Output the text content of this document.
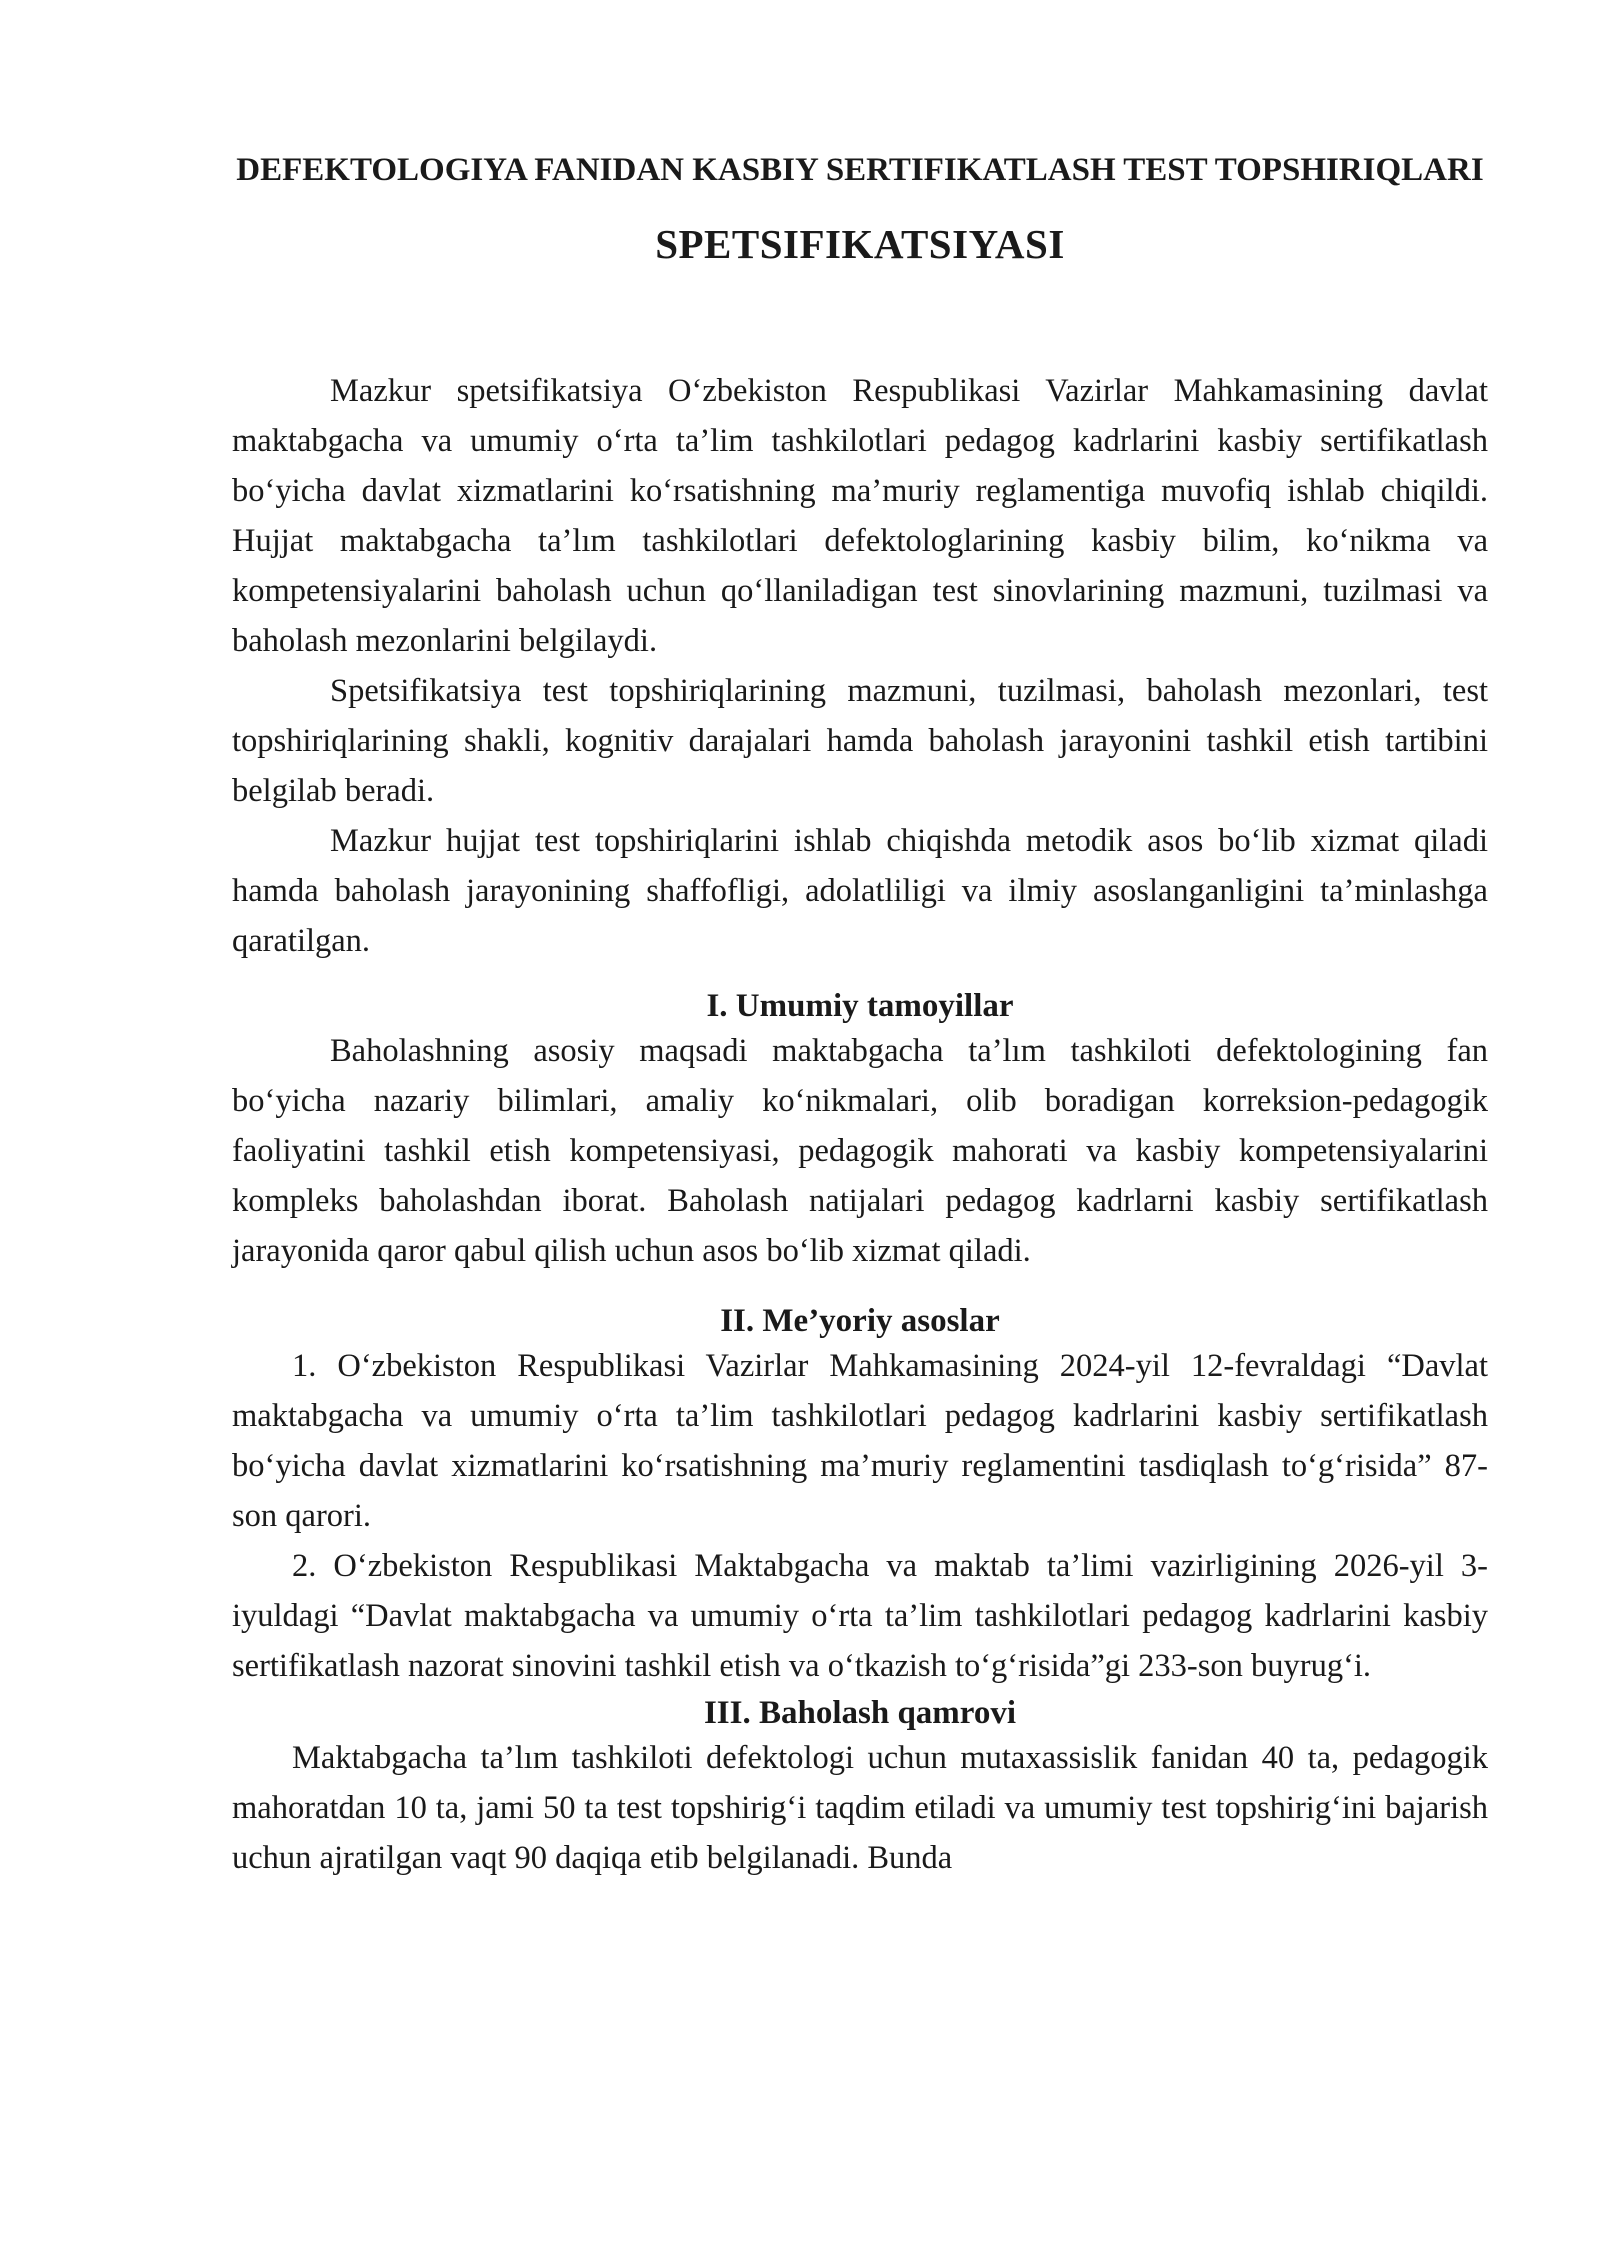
DEFEKTOLOGIYA FANIDAN KASBIY SERTIFIKATLASH TEST TOPSHIRIQLARI
SPETSIFIKATSIYASI

Mazkur spetsifikatsiya O‘zbekiston Respublikasi Vazirlar Mahkamasining davlat maktabgacha va umumiy o‘rta ta’lim tashkilotlari pedagog kadrlarini kasbiy sertifikatlash bo‘yicha davlat xizmatlarini ko‘rsatishning ma’muriy reglamentiga muvofiq ishlab chiqildi. Hujjat maktabgacha ta’lım tashkilotlari defektologlarining kasbiy bilim, ko‘nikma va kompetensiyalarini baholash uchun qo‘llaniladigan test sinovlarining mazmuni, tuzilmasi va baholash mezonlarini belgilaydi.

Spetsifikatsiya test topshiriqlarining mazmuni, tuzilmasi, baholash mezonlari, test topshiriqlarining shakli, kognitiv darajalari hamda baholash jarayonini tashkil etish tartibini belgilab beradi.

Mazkur hujjat test topshiriqlarini ishlab chiqishda metodik asos bo‘lib xizmat qiladi hamda baholash jarayonining shaffofligi, adolatliligi va ilmiy asoslanganligini ta’minlashga qaratilgan.

I. Umumiy tamoyillar

Baholashning asosiy maqsadi maktabgacha ta’lım tashkiloti defektologining fan bo‘yicha nazariy bilimlari, amaliy ko‘nikmalari, olib boradigan korreksion-pedagogik faoliyatini tashkil etish kompetensiyasi, pedagogik mahorati va kasbiy kompetensiyalarini kompleks baholashdan iborat. Baholash natijalari pedagog kadrlarni kasbiy sertifikatlash jarayonida qaror qabul qilish uchun asos bo‘lib xizmat qiladi.

II. Me’yoriy asoslar

1. O‘zbekiston Respublikasi Vazirlar Mahkamasining 2024-yil 12-fevraldagi “Davlat maktabgacha va umumiy o‘rta ta’lim tashkilotlari pedagog kadrlarini kasbiy sertifikatlash bo‘yicha davlat xizmatlarini ko‘rsatishning ma’muriy reglamentini tasdiqlash to‘g‘risida” 87-son qarori.

2. O‘zbekiston Respublikasi Maktabgacha va maktab ta’limi vazirligining 2026-yil 3-iyuldagi “Davlat maktabgacha va umumiy o‘rta ta’lim tashkilotlari pedagog kadrlarini kasbiy sertifikatlash nazorat sinovini tashkil etish va o‘tkazish to‘g‘risida”gi 233-son buyrug‘i.

III. Baholash qamrovi

Maktabgacha ta’lım tashkiloti defektologi uchun mutaxassislik fanidan 40 ta, pedagogik mahoratdan 10 ta, jami 50 ta test topshirig‘i taqdim etiladi va umumiy test topshirig‘ini bajarish uchun ajratilgan vaqt 90 daqiqa etib belgilanadi. Bunda
